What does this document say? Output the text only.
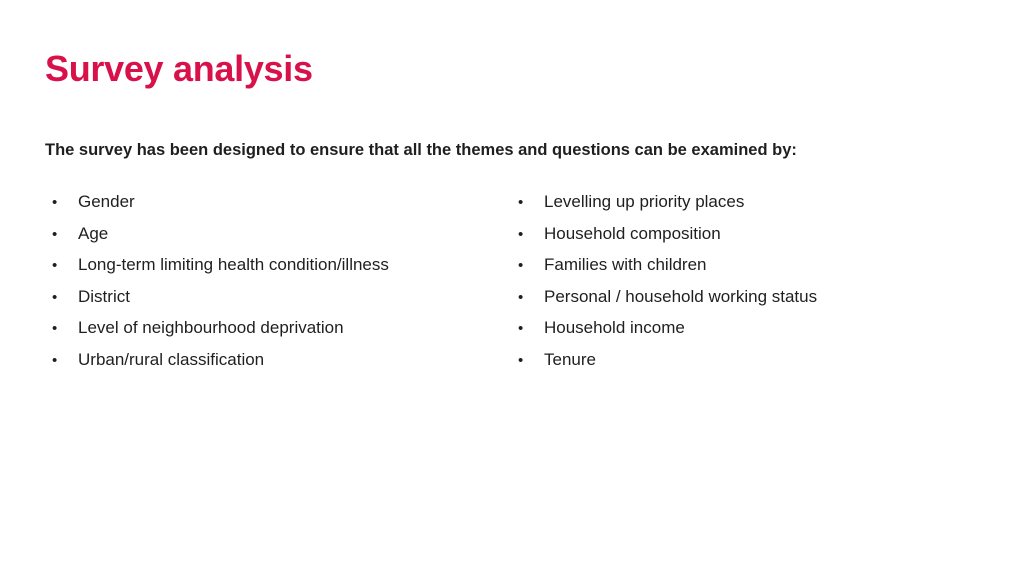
Survey analysis

The survey has been designed to ensure that all the themes and questions can be examined by:

•	Gender
•	Age
•	Long-term limiting health condition/illness
•	District
•	Level of neighbourhood deprivation
•	Urban/rural classification
•	Levelling up priority places
•	Household composition
•	Families with children
•	Personal / household working status
•	Household income
•	Tenure
